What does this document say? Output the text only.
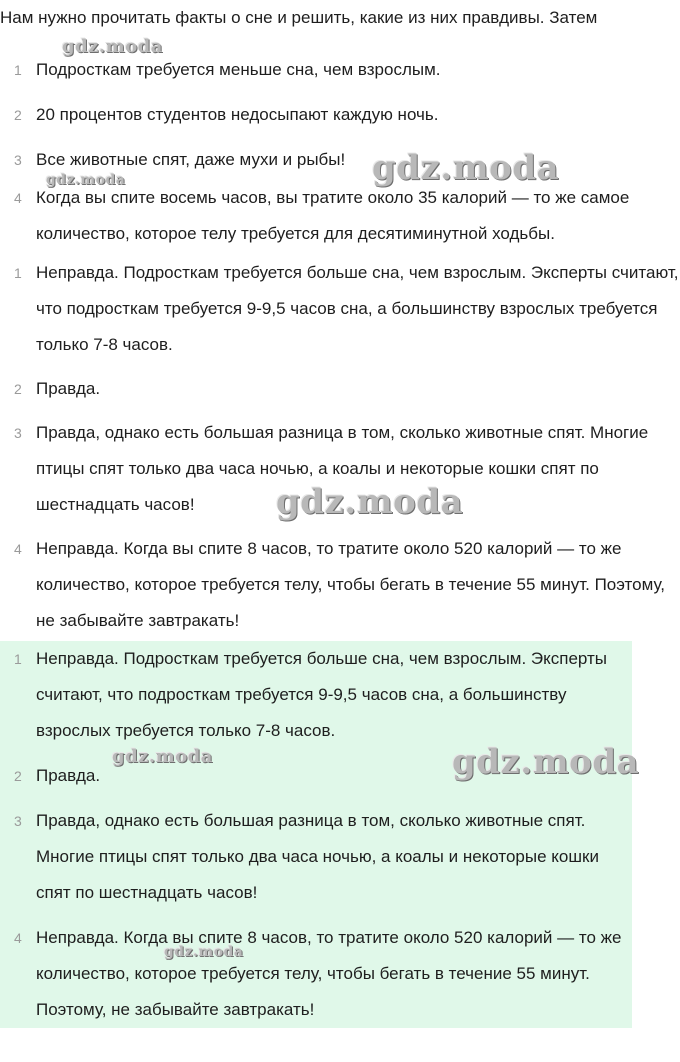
Нам нужно прочитать факты о сне и решить, какие из них правдивы. Затем
1 Подросткам требуется меньше сна, чем взрослым.
2 20 процентов студентов недосыпают каждую ночь.
3 Все животные спят, даже мухи и рыбы!
4 Когда вы спите восемь часов, вы тратите около 35 калорий — то же самое количество, которое телу требуется для десятиминутной ходьбы.
1 Неправда. Подросткам требуется больше сна, чем взрослым. Эксперты считают, что подросткам требуется 9-9,5 часов сна, а большинству взрослых требуется только 7-8 часов.
2 Правда.
3 Правда, однако есть большая разница в том, сколько животные спят. Многие птицы спят только два часа ночью, а коалы и некоторые кошки спят по шестнадцать часов!
4 Неправда. Когда вы спите 8 часов, то тратите около 520 калорий — то же количество, которое требуется телу, чтобы бегать в течение 55 минут. Поэтому, не забывайте завтракать!
1 Неправда. Подросткам требуется больше сна, чем взрослым. Эксперты считают, что подросткам требуется 9-9,5 часов сна, а большинству взрослых требуется только 7-8 часов.
2 Правда.
3 Правда, однако есть большая разница в том, сколько животные спят. Многие птицы спят только два часа ночью, а коалы и некоторые кошки спят по шестнадцать часов!
4 Неправда. Когда вы спите 8 часов, то тратите около 520 калорий — то же количество, которое требуется телу, чтобы бегать в течение 55 минут. Поэтому, не забывайте завтракать!
gdz.moda
gdz.moda
gdz.moda
gdz.moda
gdz.moda	gdz.moda
gdz.moda
